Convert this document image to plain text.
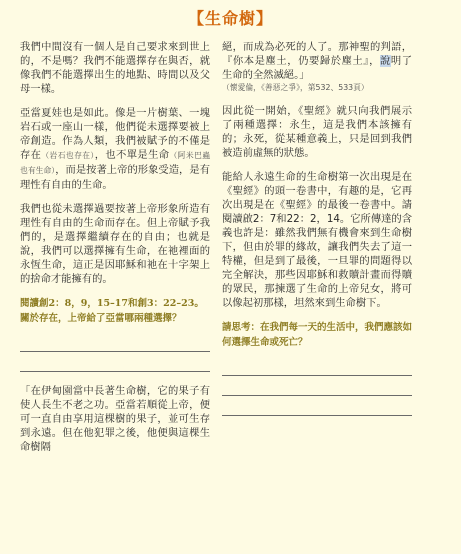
【生命樹】
我們中間沒有一個人是自己要求來到世上的，不是嗎？我們不能選擇存在與否，就像我們不能選擇出生的地點、時間以及父母一樣。
亞當夏娃也是如此。像是一片樹葉、一塊岩石或一座山一樣，他們從未選擇要被上帝創造。作為人類，我們被賦予的不僅是存在（岩石也存在），也不單是生命（阿米巴蟲也有生命），而是按著上帝的形象受造，是有理性有自由的生命。
我們也從未選擇過要按著上帝形象所造有理性有自由的生命而存在。但上帝賦予我們的，是選擇繼續存在的自由；也就是說，我們可以選擇擁有生命，在祂裡面的永恆生命，這正是因耶穌和祂在十字架上的捨命才能擁有的。
閱讀創2：8，9，15–17和創3：22–23。關於存在，上帝給了亞當哪兩種選擇？
「在伊甸園當中長著生命樹，它的果子有使人長生不老之功。亞當若順從上帝，便可一直自由享用這棵樹的果子，並可生存到永遠。但在他犯罪之後，他便與這棵生命樹隔
絕，而成為必死的人了。那神聖的判語，『你本是塵土，仍要歸於塵土』，說明了生命的全然滅絕。」
（懷愛倫，《善惡之爭》，第532、533頁）
因此從一開始，《聖經》就只向我們展示了兩種選擇：永生，這是我們本該擁有的；永死，從某種意義上，只是回到我們被造前虛無的狀態。
能給人永遠生命的生命樹第一次出現是在《聖經》的頭一卷書中，有趣的是，它再次出現是在《聖經》的最後一卷書中。請閱讀啟2：7和22：2，14。它所傳達的含義也許是：雖然我們無有機會來到生命樹下，但由於罪的緣故，讓我們失去了這一特權，但是到了最後，一旦罪的問題得以完全解決，那些因耶穌和救贖計畫而得贖的眾民，那揀選了生命的上帝兒女，將可以像起初那樣，坦然來到生命樹下。
請思考：在我們每一天的生活中，我們應該如何選擇生命或死亡？
